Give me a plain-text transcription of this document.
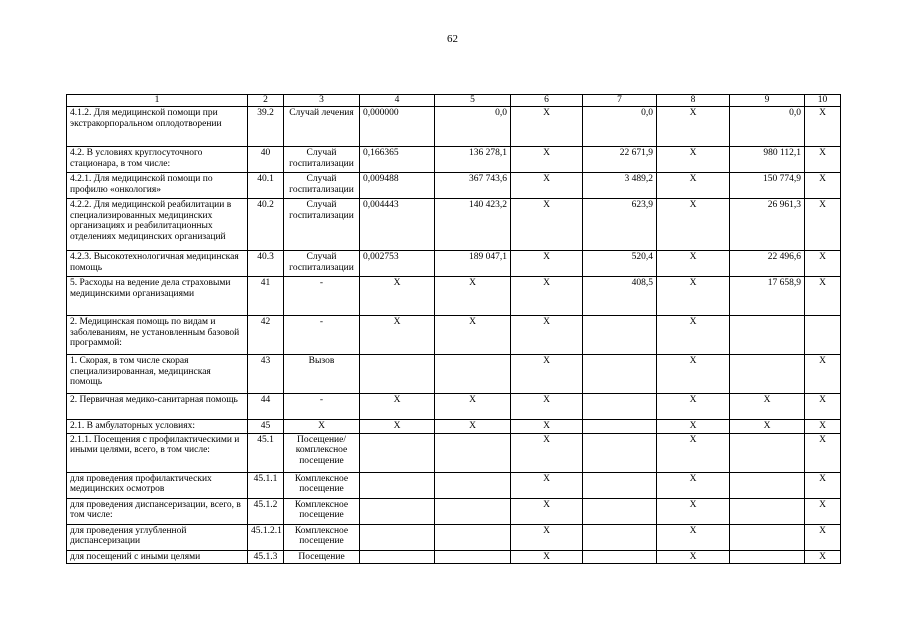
62
1	2	3	4	5	6	7	8	9	10
4.1.2. Для медицинской помощи при экстракорпоральном оплодотворении	39.2	Случай лечения	0,000000	0,0	Х	0,0	Х	0,0	Х
4.2. В условиях круглосуточного стационара, в том числе:	40	Случай госпитализации	0,166365	136 278,1	Х	22 671,9	Х	980 112,1	Х
4.2.1. Для медицинской помощи по профилю «онкология»	40.1	Случай госпитализации	0,009488	367 743,6	Х	3 489,2	Х	150 774,9	Х
4.2.2. Для медицинской реабилитации в специализированных медицинских организациях и реабилитационных отделениях медицинских организаций	40.2	Случай госпитализации	0,004443	140 423,2	Х	623,9	Х	26 961,3	Х
4.2.3. Высокотехнологичная медицинская помощь	40.3	Случай госпитализации	0,002753	189 047,1	Х	520,4	Х	22 496,6	Х
5. Расходы на ведение дела страховыми медицинскими организациями	41	-	Х	Х	Х	408,5	Х	17 658,9	Х
2. Медицинская помощь по видам и заболеваниям, не установленным базовой программой:	42	-	Х	Х	Х		Х		
1. Скорая, в том числе скорая специализированная, медицинская помощь	43	Вызов			Х		Х		Х
2. Первичная медико-санитарная помощь	44	-	Х	Х	Х		Х	Х	Х
2.1. В амбулаторных условиях:	45	Х	Х	Х	Х		Х	Х	Х
2.1.1. Посещения с профилактическими и иными целями, всего, в том числе:	45.1	Посещение/ комплексное посещение			Х		Х		Х
для проведения профилактических медицинских осмотров	45.1.1	Комплексное посещение			Х		Х		Х
для проведения диспансеризации, всего, в том числе:	45.1.2	Комплексное посещение			Х		Х		Х
для проведения углубленной диспансеризации	45.1.2.1	Комплексное посещение			Х		Х		Х
для посещений с иными целями	45.1.3	Посещение			Х		Х		Х
